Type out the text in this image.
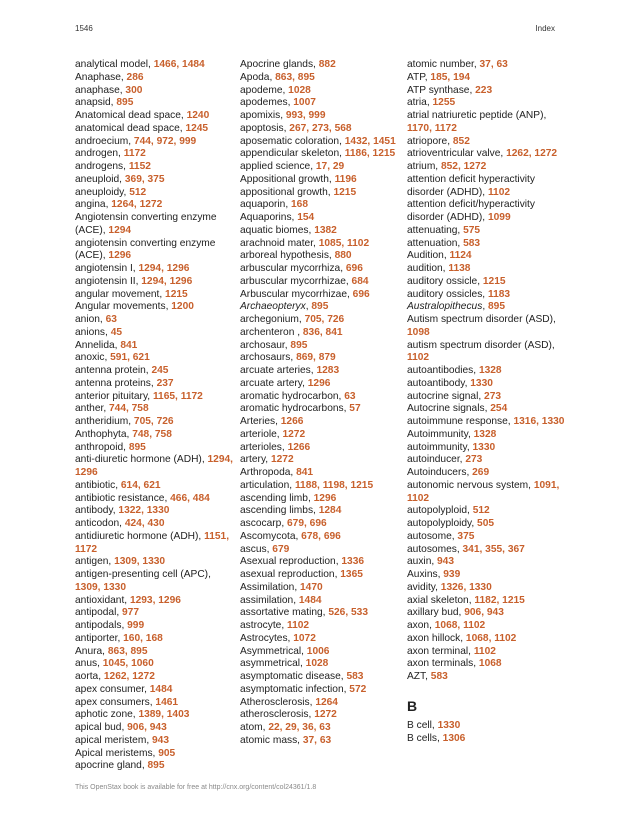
1546	Index
analytical model, 1466, 1484
Anaphase, 286
anaphase, 300
anapsid, 895
Anatomical dead space, 1240
anatomical dead space, 1245
androecium, 744, 972, 999
androgen, 1172
androgens, 1152
aneuploid, 369, 375
aneuploidy, 512
angina, 1264, 1272
Angiotensin converting enzyme (ACE), 1294
angiotensin converting enzyme (ACE), 1296
angiotensin I, 1294, 1296
angiotensin II, 1294, 1296
angular movement, 1215
Angular movements, 1200
anion, 63
anions, 45
Annelida, 841
anoxic, 591, 621
antenna protein, 245
antenna proteins, 237
anterior pituitary, 1165, 1172
anther, 744, 758
antheridium, 705, 726
Anthophyta, 748, 758
anthropoid, 895
anti-diuretic hormone (ADH), 1294, 1296
antibiotic, 614, 621
antibiotic resistance, 466, 484
antibody, 1322, 1330
anticodon, 424, 430
antidiuretic hormone (ADH), 1151, 1172
antigen, 1309, 1330
antigen-presenting cell (APC), 1309, 1330
antioxidant, 1293, 1296
antipodal, 977
antipodals, 999
antiporter, 160, 168
Anura, 863, 895
anus, 1045, 1060
aorta, 1262, 1272
apex consumer, 1484
apex consumers, 1461
aphotic zone, 1389, 1403
apical bud, 906, 943
apical meristem, 943
Apical meristems, 905
apocrine gland, 895
Apocrine glands, 882
Apoda, 863, 895
apodeme, 1028
apodemes, 1007
apomixis, 993, 999
apoptosis, 267, 273, 568
aposematic coloration, 1432, 1451
appendicular skeleton, 1186, 1215
applied science, 17, 29
Appositional growth, 1196
appositional growth, 1215
aquaporin, 168
Aquaporins, 154
aquatic biomes, 1382
arachnoid mater, 1085, 1102
arboreal hypothesis, 880
arbuscular mycorrhiza, 696
arbuscular mycorrhizae, 684
Arbuscular mycorrhizae, 696
Archaeopteryx, 895
archegonium, 705, 726
archenteron , 836, 841
archosaur, 895
archosaurs, 869, 879
arcuate arteries, 1283
arcuate artery, 1296
aromatic hydrocarbon, 63
aromatic hydrocarbons, 57
Arteries, 1266
arteriole, 1272
arterioles, 1266
artery, 1272
Arthropoda, 841
articulation, 1188, 1198, 1215
ascending limb, 1296
ascending limbs, 1284
ascocarp, 679, 696
Ascomycota, 678, 696
ascus, 679
Asexual reproduction, 1336
asexual reproduction, 1365
Assimilation, 1470
assimilation, 1484
assortative mating, 526, 533
astrocyte, 1102
Astrocytes, 1072
Asymmetrical, 1006
asymmetrical, 1028
asymptomatic disease, 583
asymptomatic infection, 572
Atherosclerosis, 1264
atherosclerosis, 1272
atom, 22, 29, 36, 63
atomic mass, 37, 63
atomic number, 37, 63
ATP, 185, 194
ATP synthase, 223
atria, 1255
atrial natriuretic peptide (ANP), 1170, 1172
atriopore, 852
atrioventricular valve, 1262, 1272
atrium, 852, 1272
attention deficit hyperactivity disorder (ADHD), 1102
attention deficit/hyperactivity disorder (ADHD), 1099
attenuating, 575
attenuation, 583
Audition, 1124
audition, 1138
auditory ossicle, 1215
auditory ossicles, 1183
Australopithecus, 895
Autism spectrum disorder (ASD), 1098
autism spectrum disorder (ASD), 1102
autoantibodies, 1328
autoantibody, 1330
autocrine signal, 273
Autocrine signals, 254
autoimmune response, 1316, 1330
Autoimmunity, 1328
autoimmunity, 1330
autoinducer, 273
Autoinducers, 269
autonomic nervous system, 1091, 1102
autopolyploid, 512
autopolyploidy, 505
autosome, 375
autosomes, 341, 355, 367
auxin, 943
Auxins, 939
avidity, 1326, 1330
axial skeleton, 1182, 1215
axillary bud, 906, 943
axon, 1068, 1102
axon hillock, 1068, 1102
axon terminal, 1102
axon terminals, 1068
AZT, 583
B
B cell, 1330
B cells, 1306
This OpenStax book is available for free at http://cnx.org/content/col24361/1.8
